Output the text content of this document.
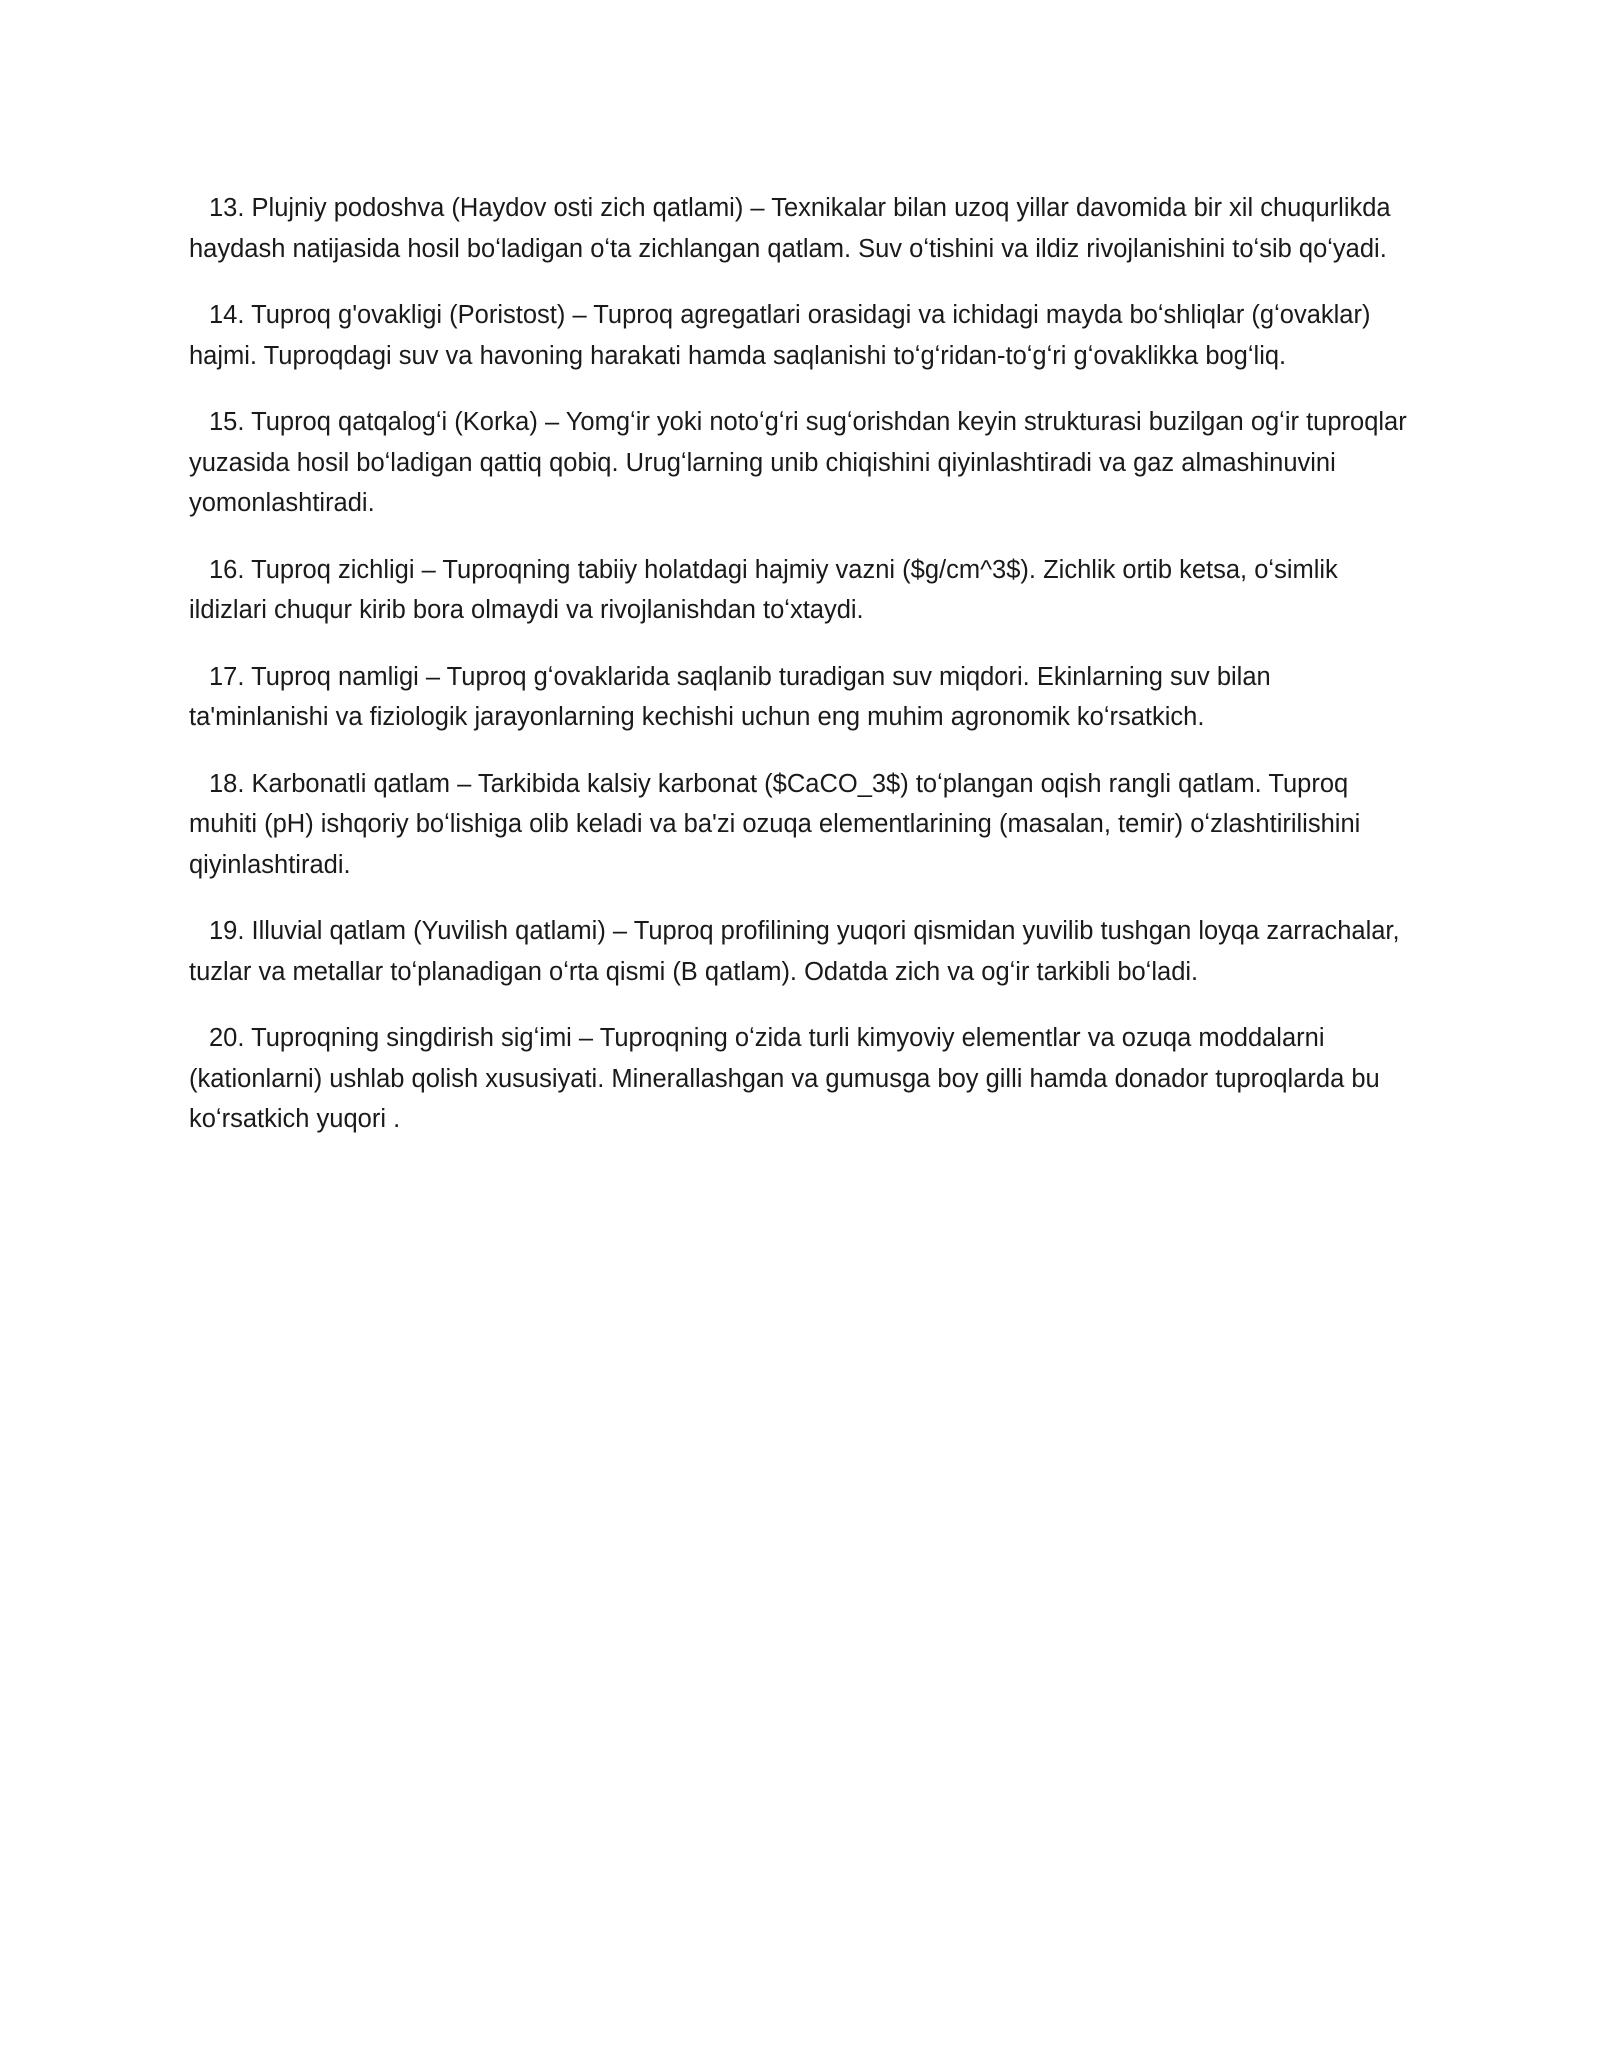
13. Plujniy podoshva (Haydov osti zich qatlami) – Texnikalar bilan uzoq yillar davomida bir xil chuqurlikda haydash natijasida hosil boʻladigan oʻta zichlangan qatlam. Suv oʻtishini va ildiz rivojlanishini toʻsib qoʻyadi.

14. Tuproq g'ovakligi (Poristost) – Tuproq agregatlari orasidagi va ichidagi mayda boʻshliqlar (gʻovaklar) hajmi. Tuproqdagi suv va havoning harakati hamda saqlanishi toʻgʻridan-toʻgʻri gʻovaklikka bogʻliq.

15. Tuproq qatqalogʻi (Korka) – Yomgʻir yoki notoʻgʻri sugʻorishdan keyin strukturasi buzilgan ogʻir tuproqlar yuzasida hosil boʻladigan qattiq qobiq. Urugʻlarning unib chiqishini qiyinlashtiradi va gaz almashinuvini yomonlashtiradi.

16. Tuproq zichligi – Tuproqning tabiiy holatdagi hajmiy vazni ($g/cm^3$). Zichlik ortib ketsa, oʻsimlik ildizlari chuqur kirib bora olmaydi va rivojlanishdan toʻxtaydi.

17. Tuproq namligi – Tuproq gʻovaklarida saqlanib turadigan suv miqdori. Ekinlarning suv bilan ta'minlanishi va fiziologik jarayonlarning kechishi uchun eng muhim agronomik koʻrsatkich.

18. Karbonatli qatlam – Tarkibida kalsiy karbonat ($CaCO_3$) toʻplangan oqish rangli qatlam. Tuproq muhiti (pH) ishqoriy boʻlishiga olib keladi va ba'zi ozuqa elementlarining (masalan, temir) oʻzlashtirilishini qiyinlashtiradi.

19. Illuvial qatlam (Yuvilish qatlami) – Tuproq profilining yuqori qismidan yuvilib tushgan loyqa zarrachalar, tuzlar va metallar toʻplanadigan oʻrta qismi (B qatlam). Odatda zich va ogʻir tarkibli boʻladi.

20. Tuproqning singdirish sigʻimi – Tuproqning oʻzida turli kimyoviy elementlar va ozuqa moddalarni (kationlarni) ushlab qolish xususiyati. Minerallashgan va gumusga boy gilli hamda donador tuproqlarda bu koʻrsatkich yuqori .
